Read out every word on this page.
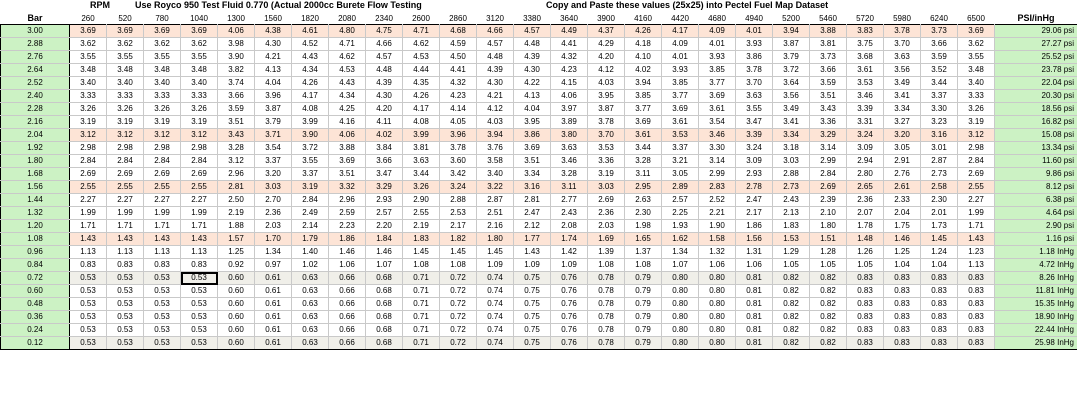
RPM	Use Royco 950 Test Fluid 0.770 (Actual 2000cc Burete Flow Testing	Copy and Paste these values (25x25) into Pectel Fuel Map Dataset
Bar	260	520	780	1040	1300	1560	1820	2080	2340	2600	2860	3120	3380	3640	3900	4160	4420	4680	4940	5200	5460	5720	5980	6240	6500	PSI/inHg
3.00	3.69	3.69	3.69	3.69	4.06	4.38	4.61	4.80	4.75	4.71	4.68	4.66	4.57	4.49	4.37	4.26	4.17	4.09	4.01	3.94	3.88	3.83	3.78	3.73	3.69	29.06 psi
2.88	3.62	3.62	3.62	3.62	3.98	4.30	4.52	4.71	4.66	4.62	4.59	4.57	4.48	4.41	4.29	4.18	4.09	4.01	3.93	3.87	3.81	3.75	3.70	3.66	3.62	27.27 psi
2.76	3.55	3.55	3.55	3.55	3.90	4.21	4.43	4.62	4.57	4.53	4.50	4.48	4.39	4.32	4.20	4.10	4.01	3.93	3.86	3.79	3.73	3.68	3.63	3.59	3.55	25.52 psi
2.64	3.48	3.48	3.48	3.48	3.82	4.13	4.34	4.53	4.48	4.44	4.41	4.39	4.30	4.23	4.12	4.02	3.93	3.85	3.78	3.72	3.66	3.61	3.56	3.52	3.48	23.78 psi
2.52	3.40	3.40	3.40	3.40	3.74	4.04	4.26	4.43	4.39	4.35	4.32	4.30	4.22	4.15	4.03	3.94	3.85	3.77	3.70	3.64	3.59	3.53	3.49	3.44	3.40	22.04 psi
2.40	3.33	3.33	3.33	3.33	3.66	3.96	4.17	4.34	4.30	4.26	4.23	4.21	4.13	4.06	3.95	3.85	3.77	3.69	3.63	3.56	3.51	3.46	3.41	3.37	3.33	20.30 psi
2.28	3.26	3.26	3.26	3.26	3.59	3.87	4.08	4.25	4.20	4.17	4.14	4.12	4.04	3.97	3.87	3.77	3.69	3.61	3.55	3.49	3.43	3.39	3.34	3.30	3.26	18.56 psi
2.16	3.19	3.19	3.19	3.19	3.51	3.79	3.99	4.16	4.11	4.08	4.05	4.03	3.95	3.89	3.78	3.69	3.61	3.54	3.47	3.41	3.36	3.31	3.27	3.23	3.19	16.82 psi
2.04	3.12	3.12	3.12	3.12	3.43	3.71	3.90	4.06	4.02	3.99	3.96	3.94	3.86	3.80	3.70	3.61	3.53	3.46	3.39	3.34	3.29	3.24	3.20	3.16	3.12	15.08 psi
1.92	2.98	2.98	2.98	2.98	3.28	3.54	3.72	3.88	3.84	3.81	3.78	3.76	3.69	3.63	3.53	3.44	3.37	3.30	3.24	3.18	3.14	3.09	3.05	3.01	2.98	13.34 psi
1.80	2.84	2.84	2.84	2.84	3.12	3.37	3.55	3.69	3.66	3.63	3.60	3.58	3.51	3.46	3.36	3.28	3.21	3.14	3.09	3.03	2.99	2.94	2.91	2.87	2.84	11.60 psi
1.68	2.69	2.69	2.69	2.69	2.96	3.20	3.37	3.51	3.47	3.44	3.42	3.40	3.34	3.28	3.19	3.11	3.05	2.99	2.93	2.88	2.84	2.80	2.76	2.73	2.69	9.86 psi
1.56	2.55	2.55	2.55	2.55	2.81	3.03	3.19	3.32	3.29	3.26	3.24	3.22	3.16	3.11	3.03	2.95	2.89	2.83	2.78	2.73	2.69	2.65	2.61	2.58	2.55	8.12 psi
1.44	2.27	2.27	2.27	2.27	2.50	2.70	2.84	2.96	2.93	2.90	2.88	2.87	2.81	2.77	2.69	2.63	2.57	2.52	2.47	2.43	2.39	2.36	2.33	2.30	2.27	6.38 psi
1.32	1.99	1.99	1.99	1.99	2.19	2.36	2.49	2.59	2.57	2.55	2.53	2.51	2.47	2.43	2.36	2.30	2.25	2.21	2.17	2.13	2.10	2.07	2.04	2.01	1.99	4.64 psi
1.20	1.71	1.71	1.71	1.71	1.88	2.03	2.14	2.23	2.20	2.19	2.17	2.16	2.12	2.08	2.03	1.98	1.93	1.90	1.86	1.83	1.80	1.78	1.75	1.73	1.71	2.90 psi
1.08	1.43	1.43	1.43	1.43	1.57	1.70	1.79	1.86	1.84	1.83	1.82	1.80	1.77	1.74	1.69	1.65	1.62	1.58	1.56	1.53	1.51	1.48	1.46	1.45	1.43	1.16 psi
0.96	1.13	1.13	1.13	1.13	1.25	1.34	1.40	1.46	1.46	1.45	1.45	1.45	1.43	1.42	1.39	1.37	1.34	1.32	1.31	1.29	1.28	1.26	1.25	1.24	1.23	1.18 InHg
0.84	0.83	0.83	0.83	0.83	0.92	0.97	1.02	1.06	1.07	1.08	1.08	1.09	1.09	1.09	1.08	1.08	1.07	1.06	1.06	1.05	1.05	1.05	1.04	1.04	1.13	4.72 InHg
0.72	0.53	0.53	0.53	0.53	0.60	0.61	0.63	0.66	0.68	0.71	0.72	0.74	0.75	0.76	0.78	0.79	0.80	0.80	0.81	0.82	0.82	0.83	0.83	0.83	0.83	8.26 InHg
0.60	0.53	0.53	0.53	0.53	0.60	0.61	0.63	0.66	0.68	0.71	0.72	0.74	0.75	0.76	0.78	0.79	0.80	0.80	0.81	0.82	0.82	0.83	0.83	0.83	0.83	11.81 InHg
0.48	0.53	0.53	0.53	0.53	0.60	0.61	0.63	0.66	0.68	0.71	0.72	0.74	0.75	0.76	0.78	0.79	0.80	0.80	0.81	0.82	0.82	0.83	0.83	0.83	0.83	15.35 InHg
0.36	0.53	0.53	0.53	0.53	0.60	0.61	0.63	0.66	0.68	0.71	0.72	0.74	0.75	0.76	0.78	0.79	0.80	0.80	0.81	0.82	0.82	0.83	0.83	0.83	0.83	18.90 InHg
0.24	0.53	0.53	0.53	0.53	0.60	0.61	0.63	0.66	0.68	0.71	0.72	0.74	0.75	0.76	0.78	0.79	0.80	0.80	0.81	0.82	0.82	0.83	0.83	0.83	0.83	22.44 InHg
0.12	0.53	0.53	0.53	0.53	0.60	0.61	0.63	0.66	0.68	0.71	0.72	0.74	0.75	0.76	0.78	0.79	0.80	0.80	0.81	0.82	0.82	0.83	0.83	0.83	0.83	25.98 InHg
